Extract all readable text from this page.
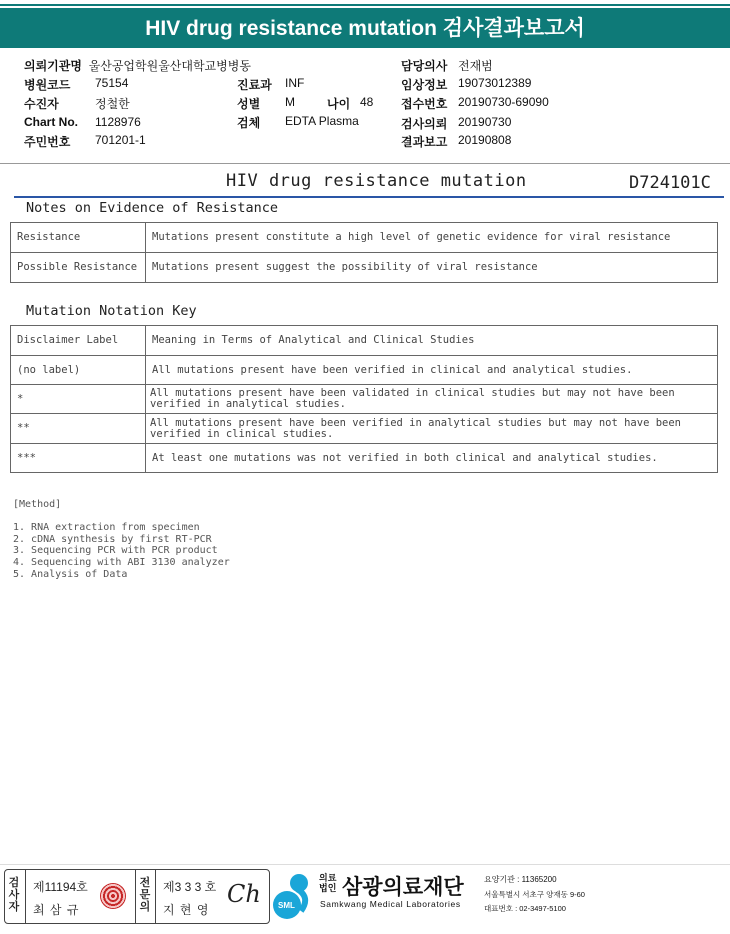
HIV drug resistance mutation 검사결과보고서
의뢰기관명 울산공업학원울산대학교병병동
병원코드 75154
수진자	정철한
Chart No. 1128976
주민번호 701201-1
진료과 INF
성별 M	나이 48
검체 EDTA Plasma
담당의사 전재범
임상정보 19073012389
접수번호 20190730-69090
검사의뢰 20190730
결과보고 20190808
HIV drug resistance mutation	D724101C
Notes on Evidence of Resistance
Resistance	Mutations present constitute a high level of genetic evidence for viral resistance
Possible Resistance	Mutations present suggest the possibility of viral resistance
Mutation Notation Key
Disclaimer Label	Meaning in Terms of Analytical and Clinical Studies
(no label)	All mutations present have been verified in clinical and analytical studies.
*	All mutations present have been validated in clinical studies but may not have been verified in analytical studies.
**	All mutations present have been verified in analytical studies but may not have been verified in clinical studies.
***	At least one mutations was not verified in both clinical and analytical studies.
[Method]

1. RNA extraction from specimen
2. cDNA synthesis by first RT-PCR
3. Sequencing PCR with PCR product
4. Sequencing with ABI 3130 analyzer
5. Analysis of Data
검사자
제11194호
최 삼 규
전문의
제3 3 3 호
지 현 영
Ch SML
의료법인 삼광의료재단
Samkwang Medical Laboratories
요양기관 : 11365200
서울특별시 서초구 양재동 9-60
대표번호 : 02-3497-5100
